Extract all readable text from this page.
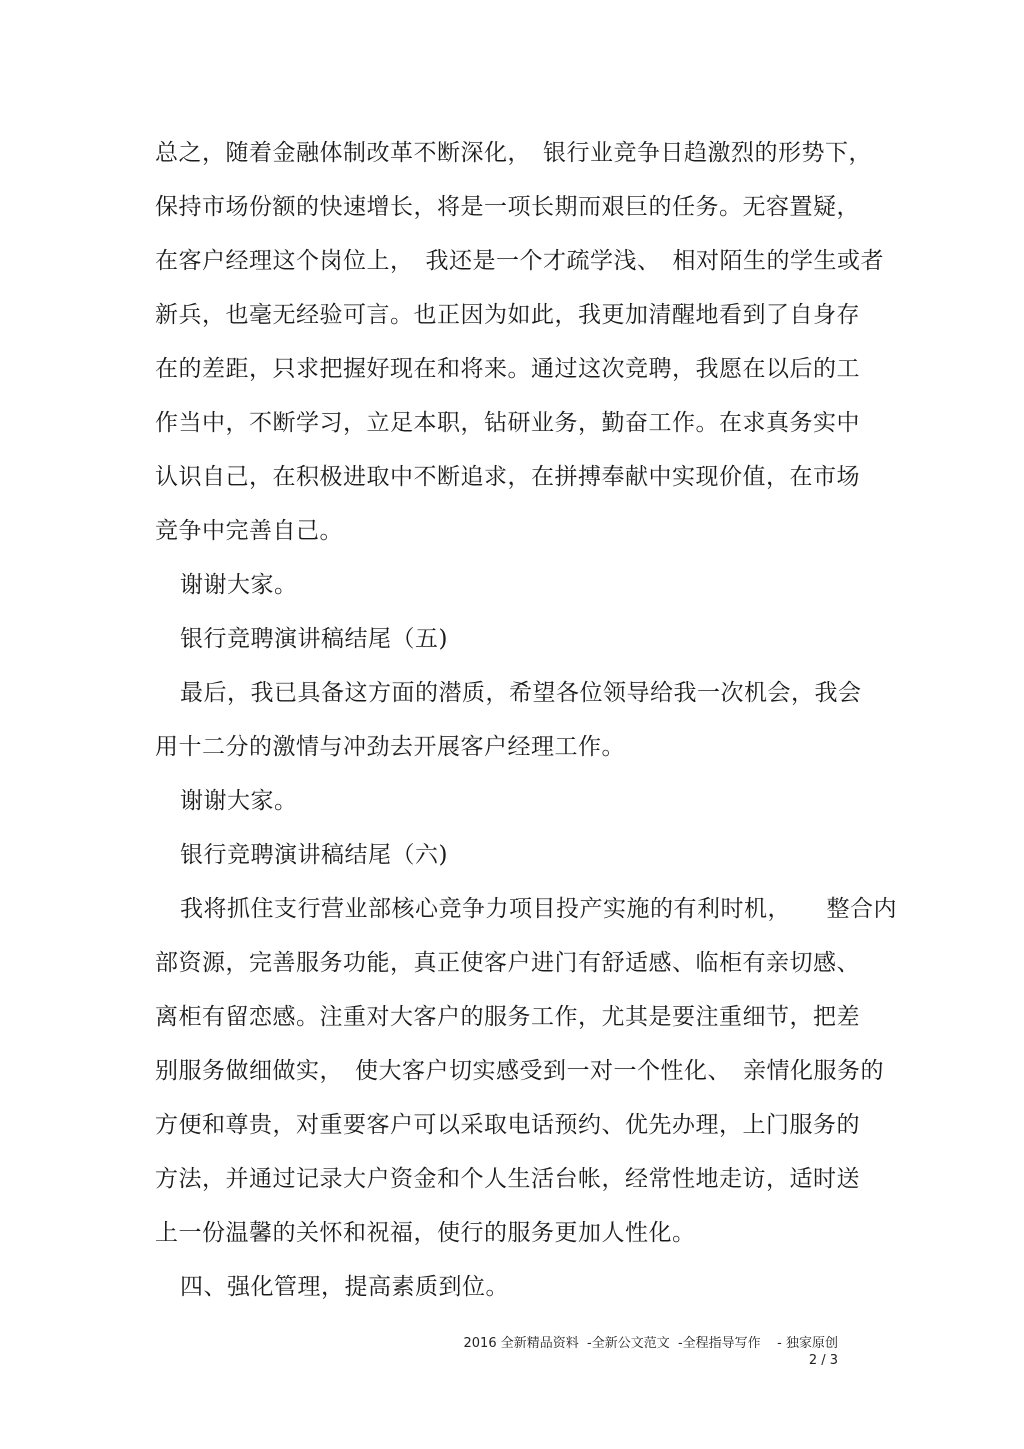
总之，随着金融体制改革不断深化，　银行业竞争日趋激烈的形势下，
保持市场份额的快速增长，将是一项长期而艰巨的任务。无容置疑，
在客户经理这个岗位上，　我还是一个才疏学浅、　相对陌生的学生或者
新兵，也毫无经验可言。也正因为如此，我更加清醒地看到了自身存
在的差距，只求把握好现在和将来。通过这次竞聘，我愿在以后的工
作当中，不断学习，立足本职，钻研业务，勤奋工作。在求真务实中
认识自己，在积极进取中不断追求，在拼搏奉献中实现价值，在市场
竞争中完善自己。
谢谢大家。
银行竞聘演讲稿结尾（五)
最后，我已具备这方面的潜质，希望各位领导给我一次机会，我会
用十二分的激情与冲劲去开展客户经理工作。
谢谢大家。
银行竞聘演讲稿结尾（六)
我将抓住支行营业部核心竞争力项目投产实施的有利时机，　　整合内
部资源，完善服务功能，真正使客户进门有舒适感、临柜有亲切感、
离柜有留恋感。注重对大客户的服务工作，尤其是要注重细节，把差
别服务做细做实，　使大客户切实感受到一对一个性化、　亲情化服务的
方便和尊贵，对重要客户可以采取电话预约、优先办理，上门服务的
方法，并通过记录大户资金和个人生活台帐，经常性地走访，适时送
上一份温馨的关怀和祝福，使行的服务更加人性化。
四、强化管理，提高素质到位。
2016 全新精品资料  -全新公文范文  -全程指导写作    - 独家原创
2 / 3
